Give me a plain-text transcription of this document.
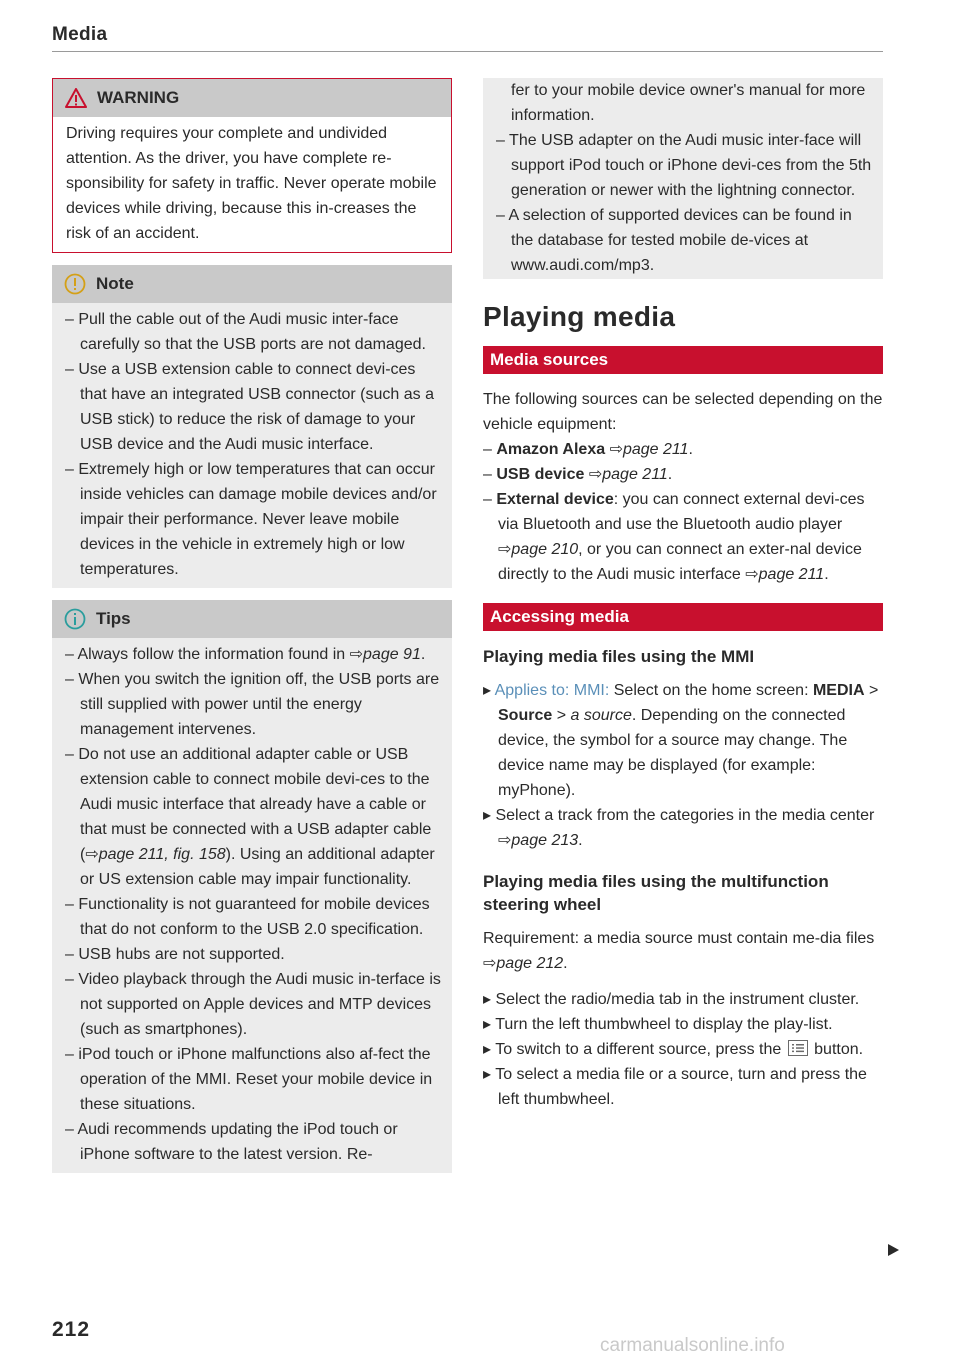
Media
WARNING

Driving requires your complete and undivided attention. As the driver, you have complete re-sponsibility for safety in traffic. Never operate mobile devices while driving, because this in-creases the risk of an accident.

Note

– Pull the cable out of the Audi music inter-face carefully so that the USB ports are not damaged.

– Use a USB extension cable to connect devi-ces that have an integrated USB connector (such as a USB stick) to reduce the risk of damage to your USB device and the Audi music interface.

– Extremely high or low temperatures that can occur inside vehicles can damage mobile devices and/or impair their performance. Never leave mobile devices in the vehicle in extremely high or low temperatures.

Tips

– Always follow the information found in ⇨page 91.

– When you switch the ignition off, the USB ports are still supplied with power until the energy management intervenes.

– Do not use an additional adapter cable or USB extension cable to connect mobile devi-ces to the Audi music interface that already have a cable or that must be connected with a USB adapter cable (⇨page 211, fig. 158). Using an additional adapter or US extension cable may impair functionality.

– Functionality is not guaranteed for mobile devices that do not conform to the USB 2.0 specification.

– USB hubs are not supported.

– Video playback through the Audi music in-terface is not supported on Apple devices and MTP devices (such as smartphones).

– iPod touch or iPhone malfunctions also af-fect the operation of the MMI. Reset your mobile device in these situations.

– Audi recommends updating the iPod touch or iPhone software to the latest version. Re-

fer to your mobile device owner's manual for more information.

– The USB adapter on the Audi music inter-face will support iPod touch or iPhone devi-ces from the 5th generation or newer with the lightning connector.

– A selection of supported devices can be found in the database for tested mobile de-vices at www.audi.com/mp3.

Playing media
Media sources

The following sources can be selected depending on the vehicle equipment:

– Amazon Alexa ⇨page 211.

– USB device ⇨page 211.

– External device: you can connect external devi-ces via Bluetooth and use the Bluetooth audio player ⇨page 210, or you can connect an exter-nal device directly to the Audi music interface ⇨page 211.

Accessing media
Playing media files using the MMI

▸ Applies to: MMI: Select on the home screen: MEDIA > Source > a source. Depending on the connected device, the symbol for a source may change. The device name may be displayed (for example: myPhone).

▸ Select a track from the categories in the media center ⇨page 213.

Playing media files using the multifunction steering wheel

Requirement: a media source must contain me-dia files ⇨page 212.

▸ Select the radio/media tab in the instrument cluster.

▸ Turn the left thumbwheel to display the play-list.

▸ To switch to a different source, press the
button.

▸ To select a media file or a source, turn and press the left thumbwheel.

212
carmanualsonline.info
